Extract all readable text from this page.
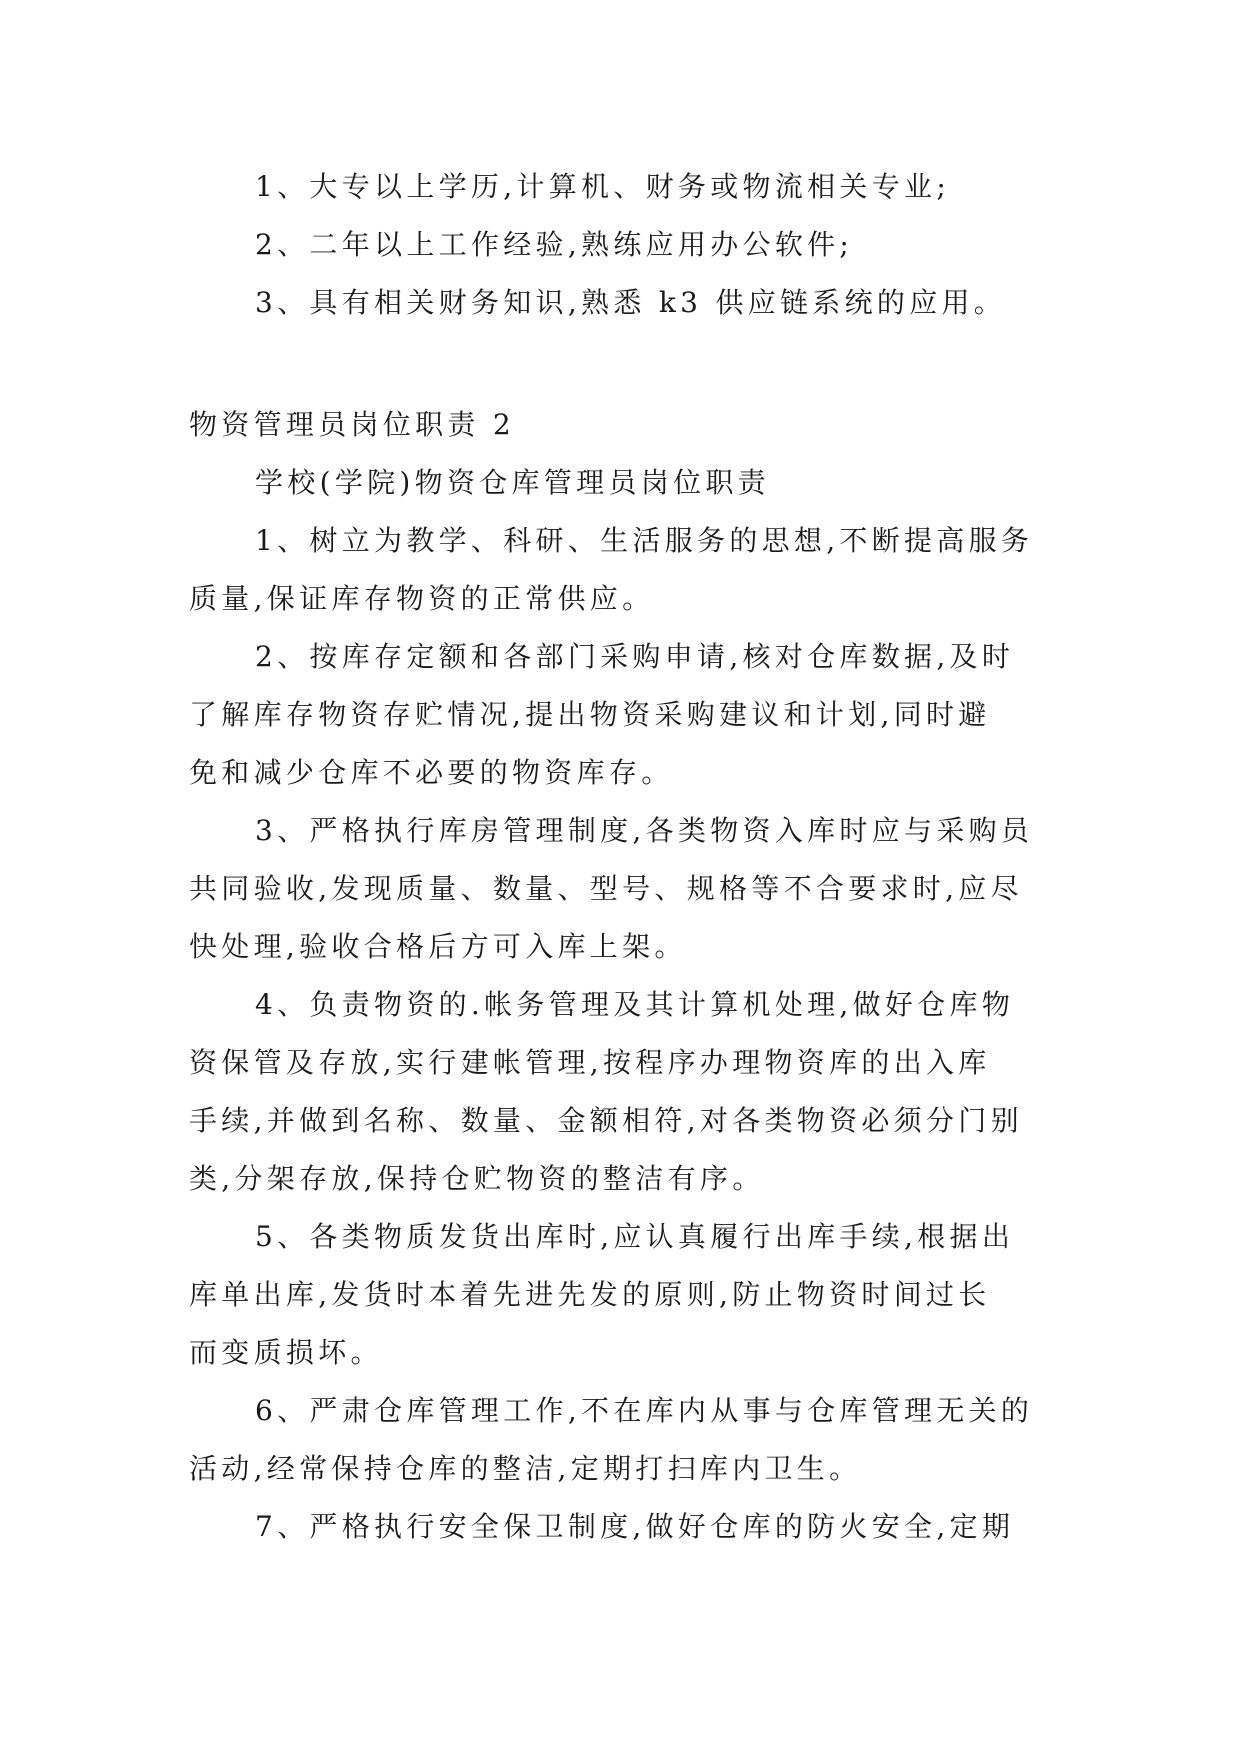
1、大专以上学历,计算机、财务或物流相关专业;
2、二年以上工作经验,熟练应用办公软件;
3、具有相关财务知识,熟悉 k3 供应链系统的应用。
物资管理员岗位职责 2
学校(学院)物资仓库管理员岗位职责
1、树立为教学、科研、生活服务的思想,不断提高服务
质量,保证库存物资的正常供应。
2、按库存定额和各部门采购申请,核对仓库数据,及时
了解库存物资存贮情况,提出物资采购建议和计划,同时避
免和减少仓库不必要的物资库存。
3、严格执行库房管理制度,各类物资入库时应与采购员
共同验收,发现质量、数量、型号、规格等不合要求时,应尽
快处理,验收合格后方可入库上架。
4、负责物资的.帐务管理及其计算机处理,做好仓库物
资保管及存放,实行建帐管理,按程序办理物资库的出入库
手续,并做到名称、数量、金额相符,对各类物资必须分门别
类,分架存放,保持仓贮物资的整洁有序。
5、各类物质发货出库时,应认真履行出库手续,根据出
库单出库,发货时本着先进先发的原则,防止物资时间过长
而变质损坏。
6、严肃仓库管理工作,不在库内从事与仓库管理无关的
活动,经常保持仓库的整洁,定期打扫库内卫生。
7、严格执行安全保卫制度,做好仓库的防火安全,定期
